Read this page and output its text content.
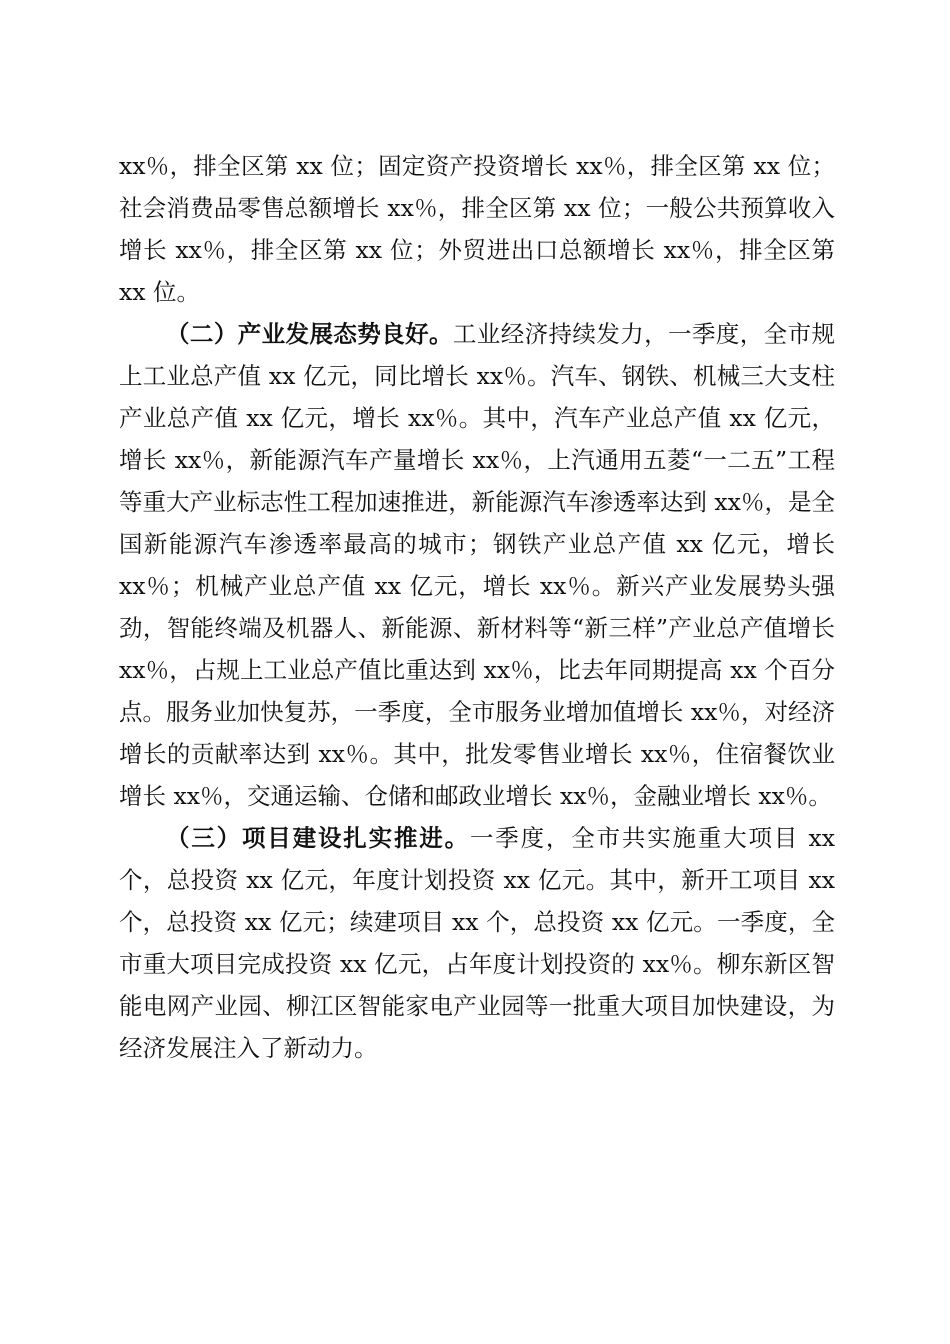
xx％，排全区第 xx 位；固定资产投资增长 xx％，排全区第 xx 位；社会消费品零售总额增长 xx％，排全区第 xx 位；一般公共预算收入增长 xx％，排全区第 xx 位；外贸进出口总额增长 xx％，排全区第 xx 位。

（二）产业发展态势良好。工业经济持续发力，一季度，全市规上工业总产值 xx 亿元，同比增长 xx％。汽车、钢铁、机械三大支柱产业总产值 xx 亿元，增长 xx％。其中，汽车产业总产值 xx 亿元，增长 xx％，新能源汽车产量增长 xx％，上汽通用五菱“一二五”工程等重大产业标志性工程加速推进，新能源汽车渗透率达到 xx％，是全国新能源汽车渗透率最高的城市；钢铁产业总产值 xx 亿元，增长 xx％；机械产业总产值 xx 亿元，增长 xx％。新兴产业发展势头强劲，智能终端及机器人、新能源、新材料等“新三样”产业总产值增长 xx％，占规上工业总产值比重达到 xx％，比去年同期提高 xx 个百分点。服务业加快复苏，一季度，全市服务业增加值增长 xx％，对经济增长的贡献率达到 xx％。其中，批发零售业增长 xx％，住宿餐饮业增长 xx％，交通运输、仓储和邮政业增长 xx％，金融业增长 xx％。

（三）项目建设扎实推进。一季度，全市共实施重大项目 xx 个，总投资 xx 亿元，年度计划投资 xx 亿元。其中，新开工项目 xx 个，总投资 xx 亿元；续建项目 xx 个，总投资 xx 亿元。一季度，全市重大项目完成投资 xx 亿元，占年度计划投资的 xx％。柳东新区智能电网产业园、柳江区智能家电产业园等一批重大项目加快建设，为经济发展注入了新动力。
